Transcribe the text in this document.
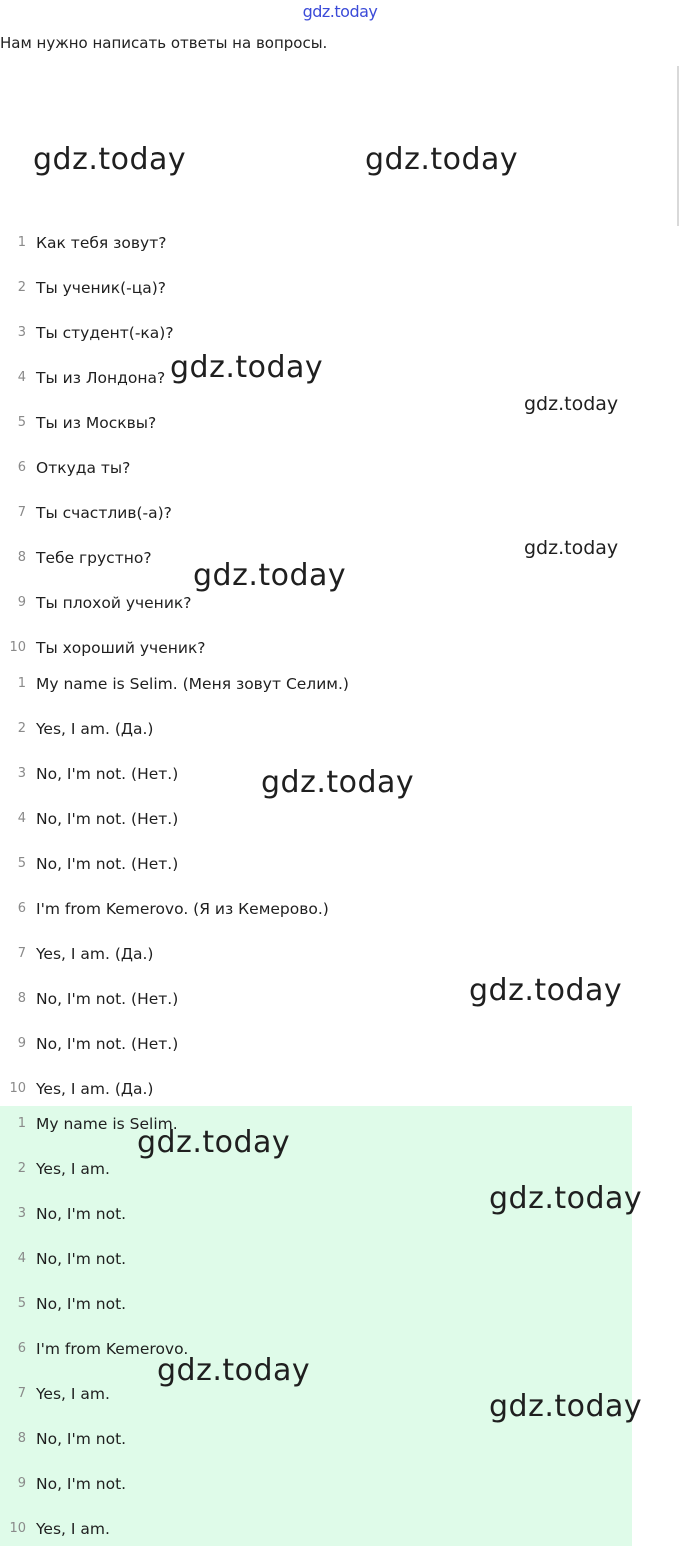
gdz.today
Нам нужно написать ответы на вопросы.
1 Как тебя зовут?
2 Ты ученик(-ца)?
3 Ты студент(-ка)?
4 Ты из Лондона?
5 Ты из Москвы?
6 Откуда ты?
7 Ты счастлив(-а)?
8 Тебе грустно?
9 Ты плохой ученик?
10 Ты хороший ученик?
1 My name is Selim. (Меня зовут Селим.)
2 Yes, I am. (Да.)
3 No, I'm not. (Нет.)
4 No, I'm not. (Нет.)
5 No, I'm not. (Нет.)
6 I'm from Kemerovo. (Я из Кемерово.)
7 Yes, I am. (Да.)
8 No, I'm not. (Нет.)
9 No, I'm not. (Нет.)
10 Yes, I am. (Да.)
1 My name is Selim.
2 Yes, I am.
3 No, I'm not.
4 No, I'm not.
5 No, I'm not.
6 I'm from Kemerovo.
7 Yes, I am.
8 No, I'm not.
9 No, I'm not.
10 Yes, I am.
gdz.today	gdz.today
gdz.today
gdz.today
gdz.today
gdz.today
gdz.today
gdz.today
gdz.today
gdz.today
gdz.today
gdz.today
